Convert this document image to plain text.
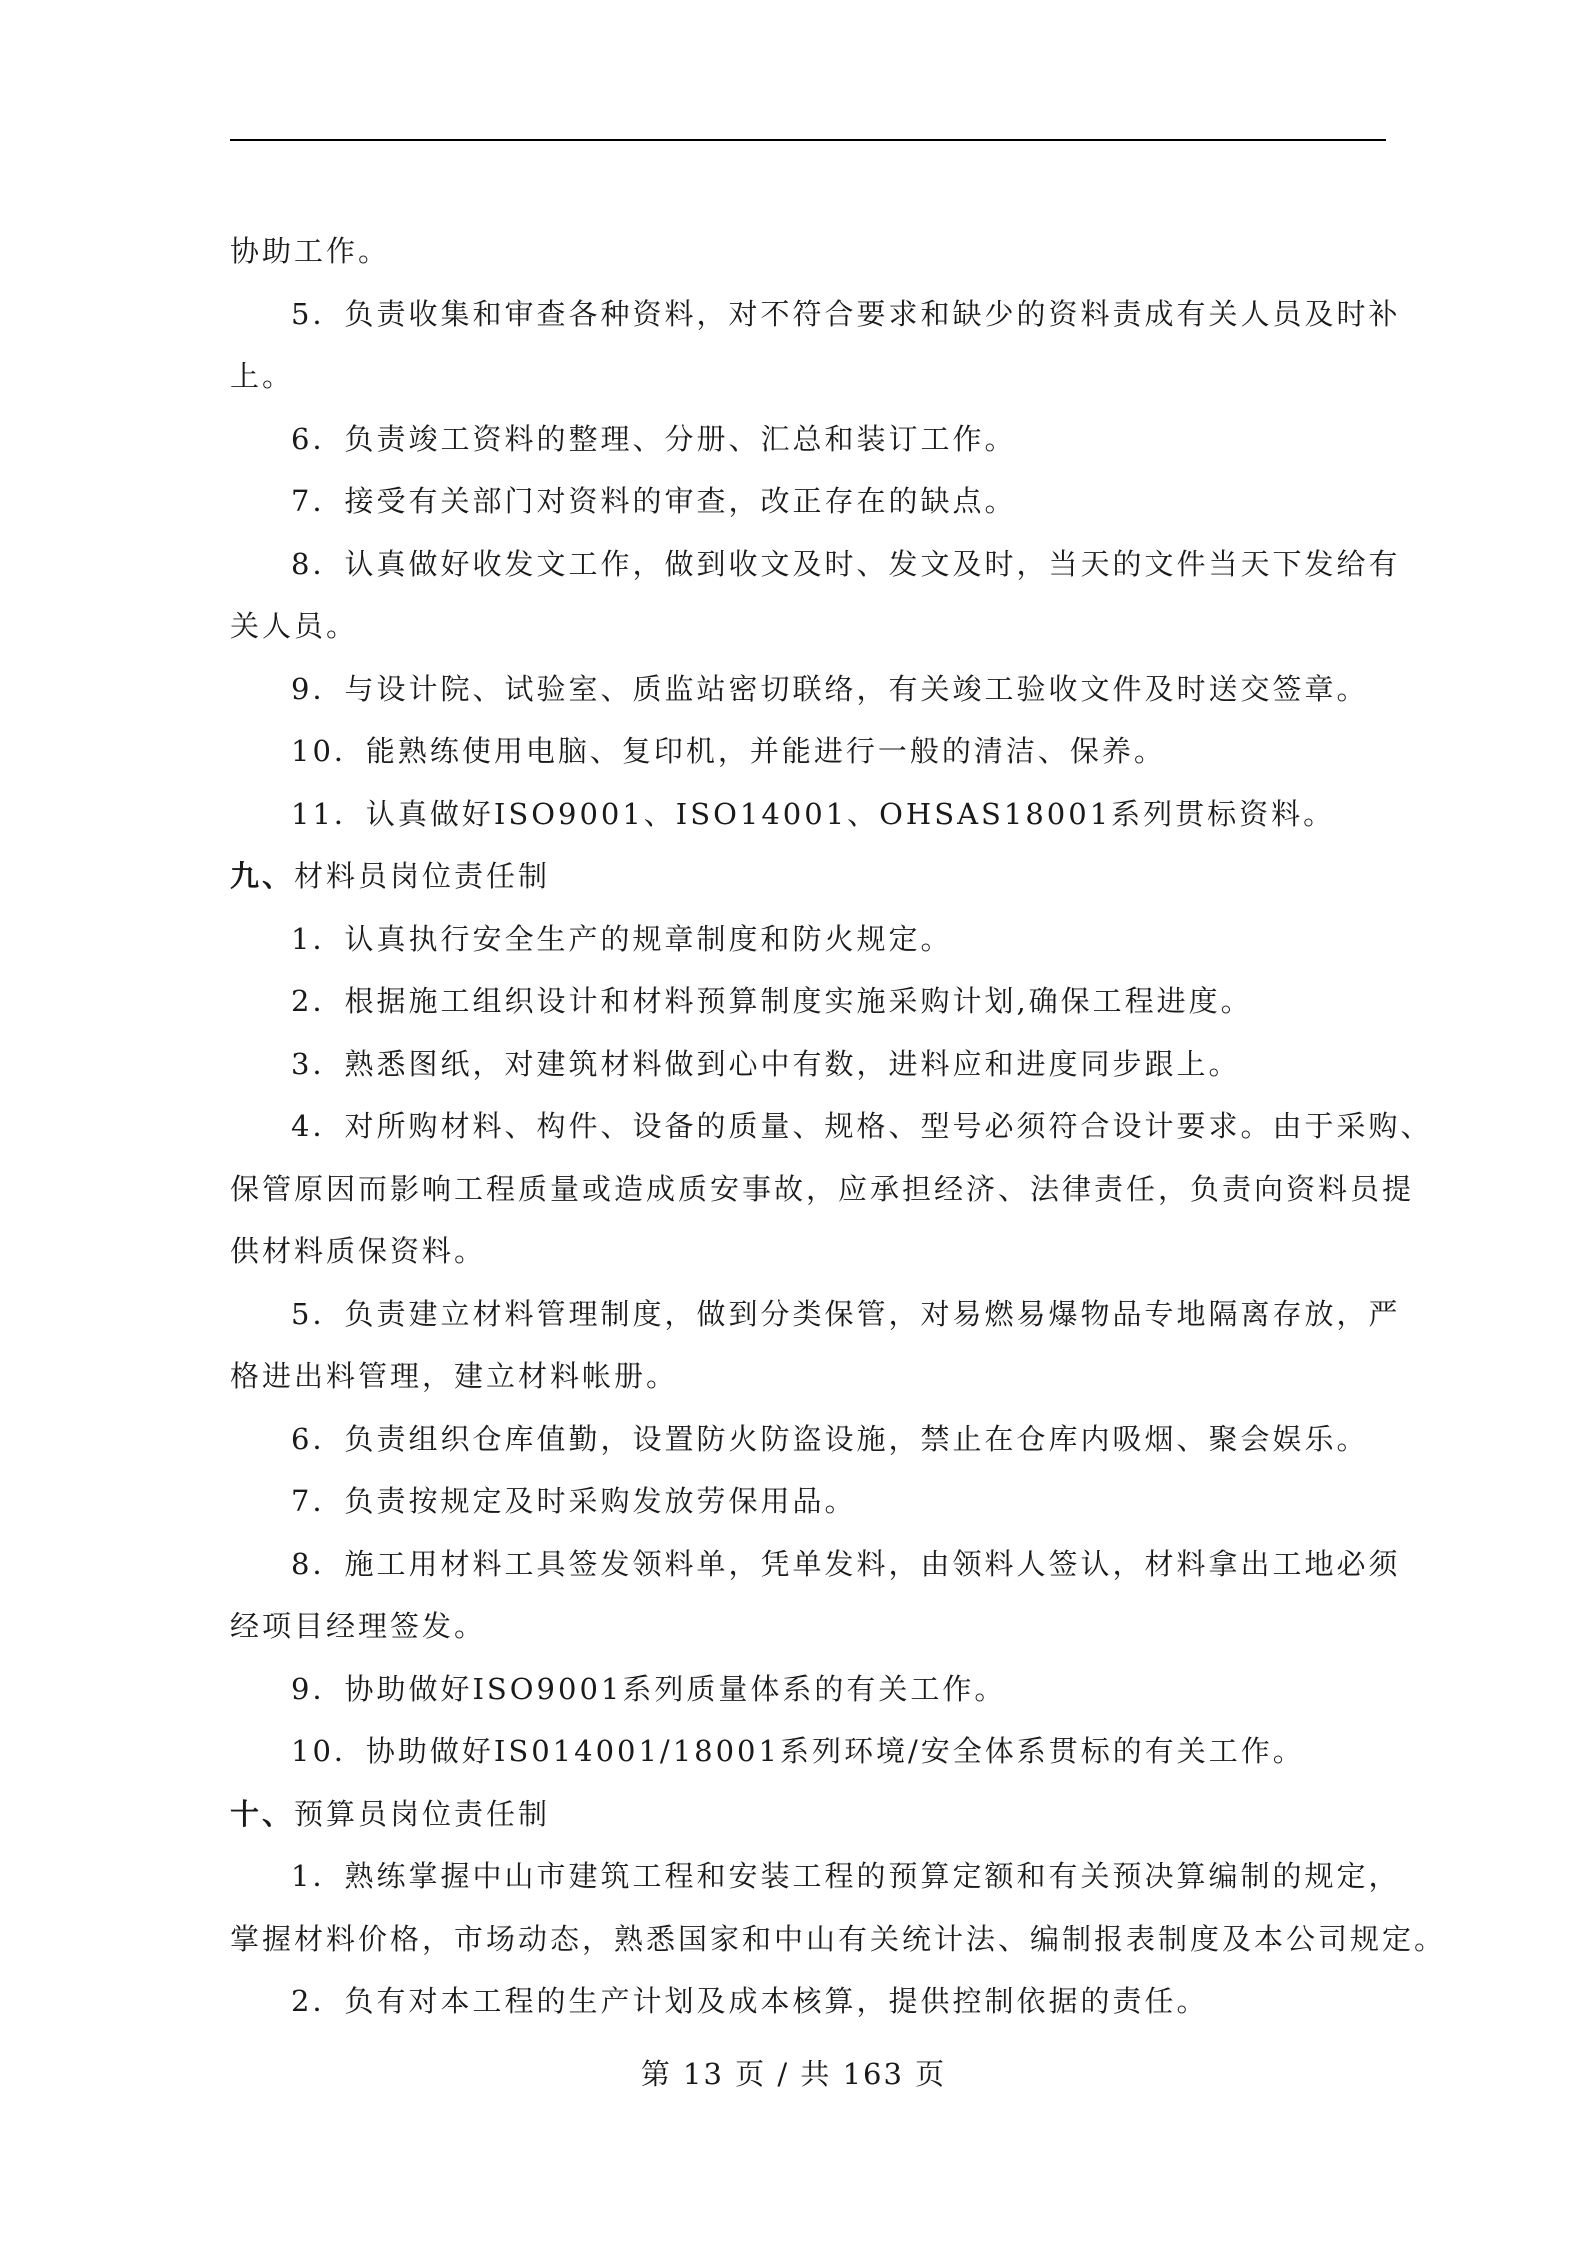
协助工作。
5．负责收集和审查各种资料，对不符合要求和缺少的资料责成有关人员及时补
上。
6．负责竣工资料的整理、分册、汇总和装订工作。
7．接受有关部门对资料的审查，改正存在的缺点。
8．认真做好收发文工作，做到收文及时、发文及时，当天的文件当天下发给有
关人员。
9．与设计院、试验室、质监站密切联络，有关竣工验收文件及时送交签章。
10．能熟练使用电脑、复印机，并能进行一般的清洁、保养。
11．认真做好ISO9001、ISO14001、OHSAS18001系列贯标资料。
九、材料员岗位责任制
1．认真执行安全生产的规章制度和防火规定。
2．根据施工组织设计和材料预算制度实施采购计划,确保工程进度。
3．熟悉图纸，对建筑材料做到心中有数，进料应和进度同步跟上。
4．对所购材料、构件、设备的质量、规格、型号必须符合设计要求。由于采购、
保管原因而影响工程质量或造成质安事故，应承担经济、法律责任，负责向资料员提
供材料质保资料。
5．负责建立材料管理制度，做到分类保管，对易燃易爆物品专地隔离存放，严
格进出料管理，建立材料帐册。
6．负责组织仓库值勤，设置防火防盗设施，禁止在仓库内吸烟、聚会娱乐。
7．负责按规定及时采购发放劳保用品。
8．施工用材料工具签发领料单，凭单发料，由领料人签认，材料拿出工地必须
经项目经理签发。
9．协助做好ISO9001系列质量体系的有关工作。
10．协助做好IS014001/18001系列环境/安全体系贯标的有关工作。
十、预算员岗位责任制
1．熟练掌握中山市建筑工程和安装工程的预算定额和有关预决算编制的规定，
掌握材料价格，市场动态，熟悉国家和中山有关统计法、编制报表制度及本公司规定。
2．负有对本工程的生产计划及成本核算，提供控制依据的责任。
第 13 页 / 共 163 页
